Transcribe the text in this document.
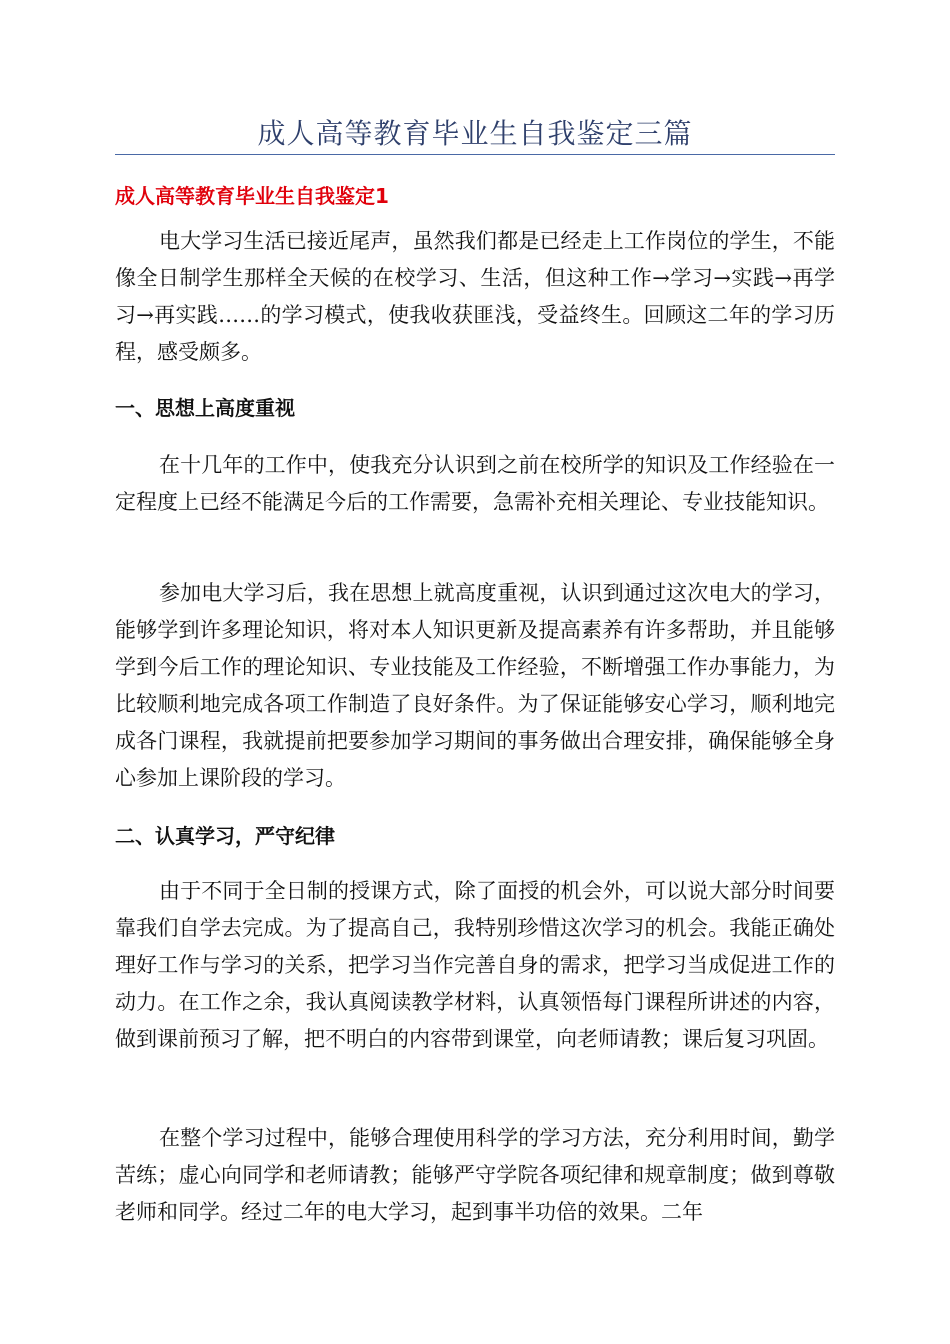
成人高等教育毕业生自我鉴定三篇
成人高等教育毕业生自我鉴定1

电大学习生活已接近尾声，虽然我们都是已经走上工作岗位的学生，不能像全日制学生那样全天候的在校学习、生活，但这种工作→学习→实践→再学习→再实践……的学习模式，使我收获匪浅，受益终生。回顾这二年的学习历程，感受颇多。

一、思想上高度重视

在十几年的工作中，使我充分认识到之前在校所学的知识及工作经验在一定程度上已经不能满足今后的工作需要，急需补充相关理论、专业技能知识。

参加电大学习后，我在思想上就高度重视，认识到通过这次电大的学习，能够学到许多理论知识，将对本人知识更新及提高素养有许多帮助，并且能够学到今后工作的理论知识、专业技能及工作经验，不断增强工作办事能力，为比较顺利地完成各项工作制造了良好条件。为了保证能够安心学习，顺利地完成各门课程，我就提前把要参加学习期间的事务做出合理安排，确保能够全身心参加上课阶段的学习。

二、认真学习，严守纪律

由于不同于全日制的授课方式，除了面授的机会外，可以说大部分时间要靠我们自学去完成。为了提高自己，我特别珍惜这次学习的机会。我能正确处理好工作与学习的关系，把学习当作完善自身的需求，把学习当成促进工作的动力。在工作之余，我认真阅读教学材料，认真领悟每门课程所讲述的内容，做到课前预习了解，把不明白的内容带到课堂，向老师请教；课后复习巩固。

在整个学习过程中，能够合理使用科学的学习方法，充分利用时间，勤学苦练；虚心向同学和老师请教；能够严守学院各项纪律和规章制度；做到尊敬老师和同学。经过二年的电大学习，起到事半功倍的效果。二年
